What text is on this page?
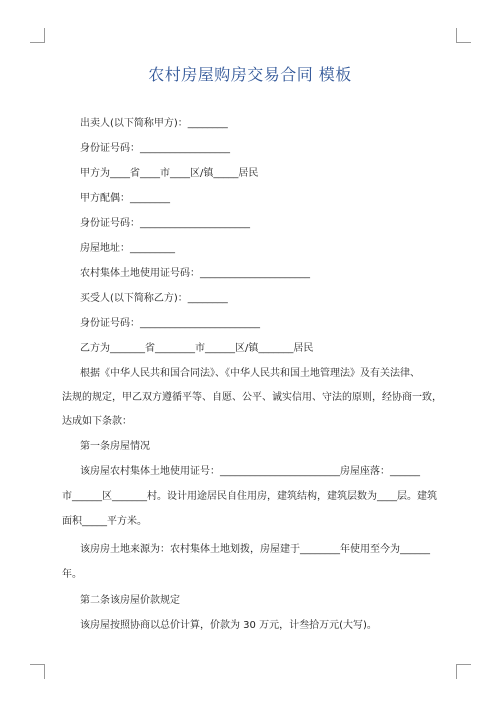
农村房屋购房交易合同 模板
出卖人(以下简称甲方)：________
身份证号码：__________________
甲方为____省____市____区/镇_____居民
甲方配偶：________
身份证号码：______________________
房屋地址：_________
农村集体土地使用证号码：______________________
买受人(以下简称乙方)：________
身份证号码：________________________
乙方为_______省________市______区/镇_______居民
根据《中华人民共和国合同法》、《中华人民共和国土地管理法》及有关法律、
法规的规定，甲乙双方遵循平等、自愿、公平、诚实信用、守法的原则，经协商一致，
达成如下条款：
第一条房屋情况
该房屋农村集体土地使用证号：________________________房屋座落：______
市______区_______村。设计用途居民自住用房，建筑结构，建筑层数为____层。建筑
面积_____平方米。
该房房土地来源为：农村集体土地划拨，房屋建于________年使用至今为______
年。
第二条该房屋价款规定
该房屋按照协商以总价计算，价款为 30 万元，计叁拾万元(大写)。
